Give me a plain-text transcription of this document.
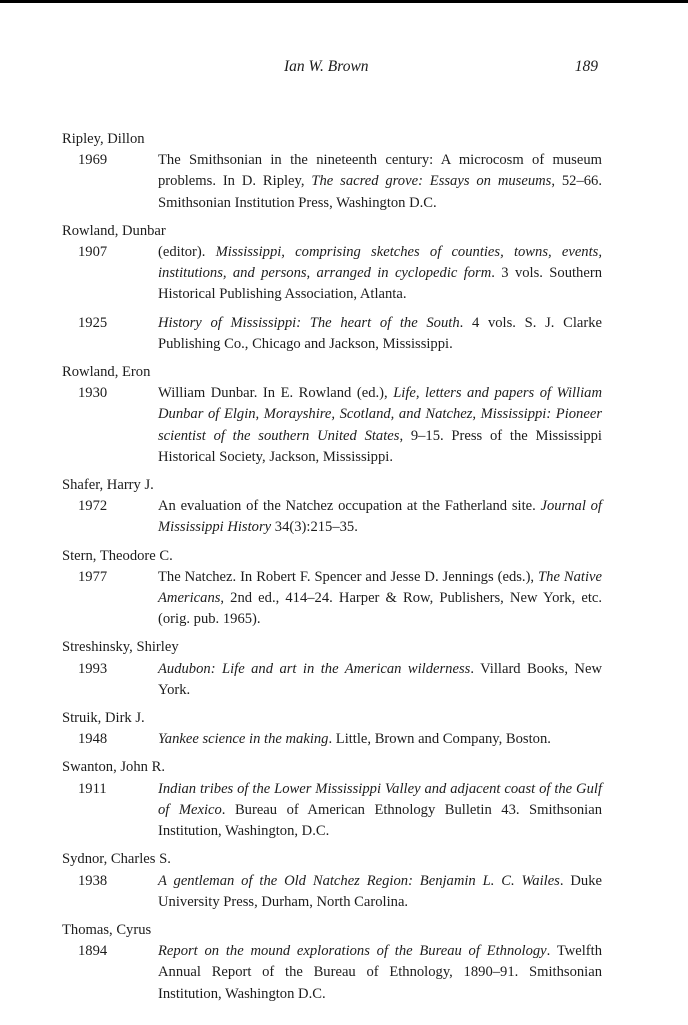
Ian W. Brown	189
Ripley, Dillon
1969	The Smithsonian in the nineteenth century: A microcosm of museum problems. In D. Ripley, The sacred grove: Essays on museums, 52–66. Smithsonian Institution Press, Washington D.C.
Rowland, Dunbar
1907	(editor). Mississippi, comprising sketches of counties, towns, events, institutions, and persons, arranged in cyclopedic form. 3 vols. Southern Historical Publishing Association, Atlanta.
1925	History of Mississippi: The heart of the South. 4 vols. S. J. Clarke Publishing Co., Chicago and Jackson, Mississippi.
Rowland, Eron
1930	William Dunbar. In E. Rowland (ed.), Life, letters and papers of William Dunbar of Elgin, Morayshire, Scotland, and Natchez, Mississippi: Pioneer scientist of the southern United States, 9–15. Press of the Mississippi Historical Society, Jackson, Mississippi.
Shafer, Harry J.
1972	An evaluation of the Natchez occupation at the Fatherland site. Journal of Mississippi History 34(3):215–35.
Stern, Theodore C.
1977	The Natchez. In Robert F. Spencer and Jesse D. Jennings (eds.), The Native Americans, 2nd ed., 414–24. Harper & Row, Publishers, New York, etc. (orig. pub. 1965).
Streshinsky, Shirley
1993	Audubon: Life and art in the American wilderness. Villard Books, New York.
Struik, Dirk J.
1948	Yankee science in the making. Little, Brown and Company, Boston.
Swanton, John R.
1911	Indian tribes of the Lower Mississippi Valley and adjacent coast of the Gulf of Mexico. Bureau of American Ethnology Bulletin 43. Smithsonian Institution, Washington, D.C.
Sydnor, Charles S.
1938	A gentleman of the Old Natchez Region: Benjamin L. C. Wailes. Duke University Press, Durham, North Carolina.
Thomas, Cyrus
1894	Report on the mound explorations of the Bureau of Ethnology. Twelfth Annual Report of the Bureau of Ethnology, 1890–91. Smithsonian Institution, Washington D.C.
